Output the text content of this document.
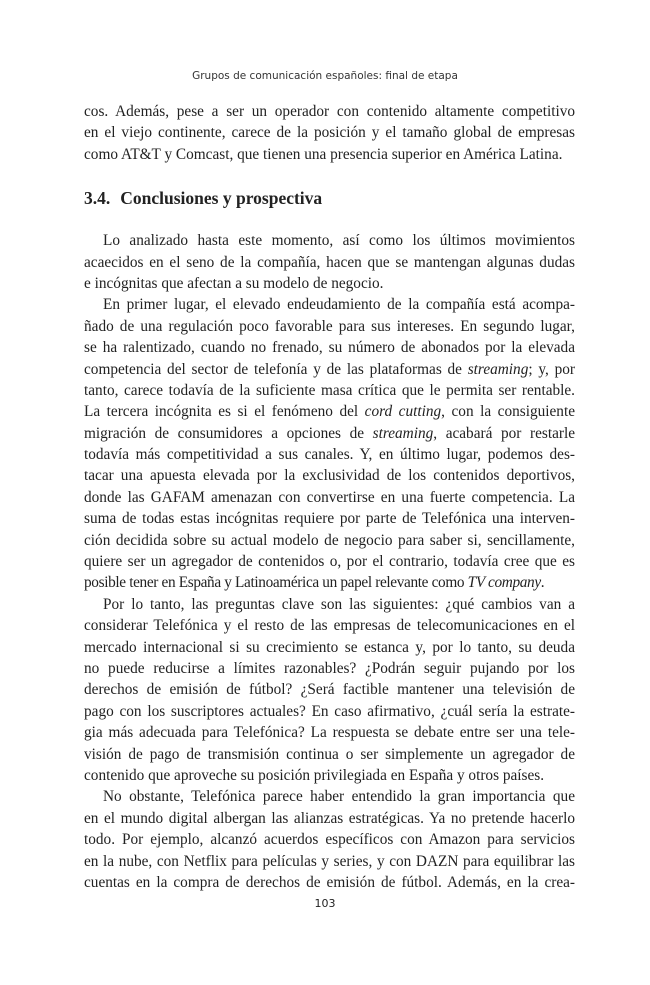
Grupos de comunicación españoles: final de etapa
cos. Además, pese a ser un operador con contenido altamente competitivo
en el viejo continente, carece de la posición y el tamaño global de empresas
como AT&T y Comcast, que tienen una presencia superior en América Latina.
3.4. Conclusiones y prospectiva
Lo analizado hasta este momento, así como los últimos movimientos
acaecidos en el seno de la compañía, hacen que se mantengan algunas dudas
e incógnitas que afectan a su modelo de negocio.
En primer lugar, el elevado endeudamiento de la compañía está acompa-
ñado de una regulación poco favorable para sus intereses. En segundo lugar,
se ha ralentizado, cuando no frenado, su número de abonados por la elevada
competencia del sector de telefonía y de las plataformas de streaming; y, por
tanto, carece todavía de la suficiente masa crítica que le permita ser rentable.
La tercera incógnita es si el fenómeno del cord cutting, con la consiguiente
migración de consumidores a opciones de streaming, acabará por restarle
todavía más competitividad a sus canales. Y, en último lugar, podemos des-
tacar una apuesta elevada por la exclusividad de los contenidos deportivos,
donde las GAFAM amenazan con convertirse en una fuerte competencia. La
suma de todas estas incógnitas requiere por parte de Telefónica una interven-
ción decidida sobre su actual modelo de negocio para saber si, sencillamente,
quiere ser un agregador de contenidos o, por el contrario, todavía cree que es
posible tener en España y Latinoamérica un papel relevante como TV company.
Por lo tanto, las preguntas clave son las siguientes: ¿qué cambios van a
considerar Telefónica y el resto de las empresas de telecomunicaciones en el
mercado internacional si su crecimiento se estanca y, por lo tanto, su deuda
no puede reducirse a límites razonables? ¿Podrán seguir pujando por los
derechos de emisión de fútbol? ¿Será factible mantener una televisión de
pago con los suscriptores actuales? En caso afirmativo, ¿cuál sería la estrate-
gia más adecuada para Telefónica? La respuesta se debate entre ser una tele-
visión de pago de transmisión continua o ser simplemente un agregador de
contenido que aproveche su posición privilegiada en España y otros países.
No obstante, Telefónica parece haber entendido la gran importancia que
en el mundo digital albergan las alianzas estratégicas. Ya no pretende hacerlo
todo. Por ejemplo, alcanzó acuerdos específicos con Amazon para servicios
en la nube, con Netflix para películas y series, y con DAZN para equilibrar las
cuentas en la compra de derechos de emisión de fútbol. Además, en la crea-
103
